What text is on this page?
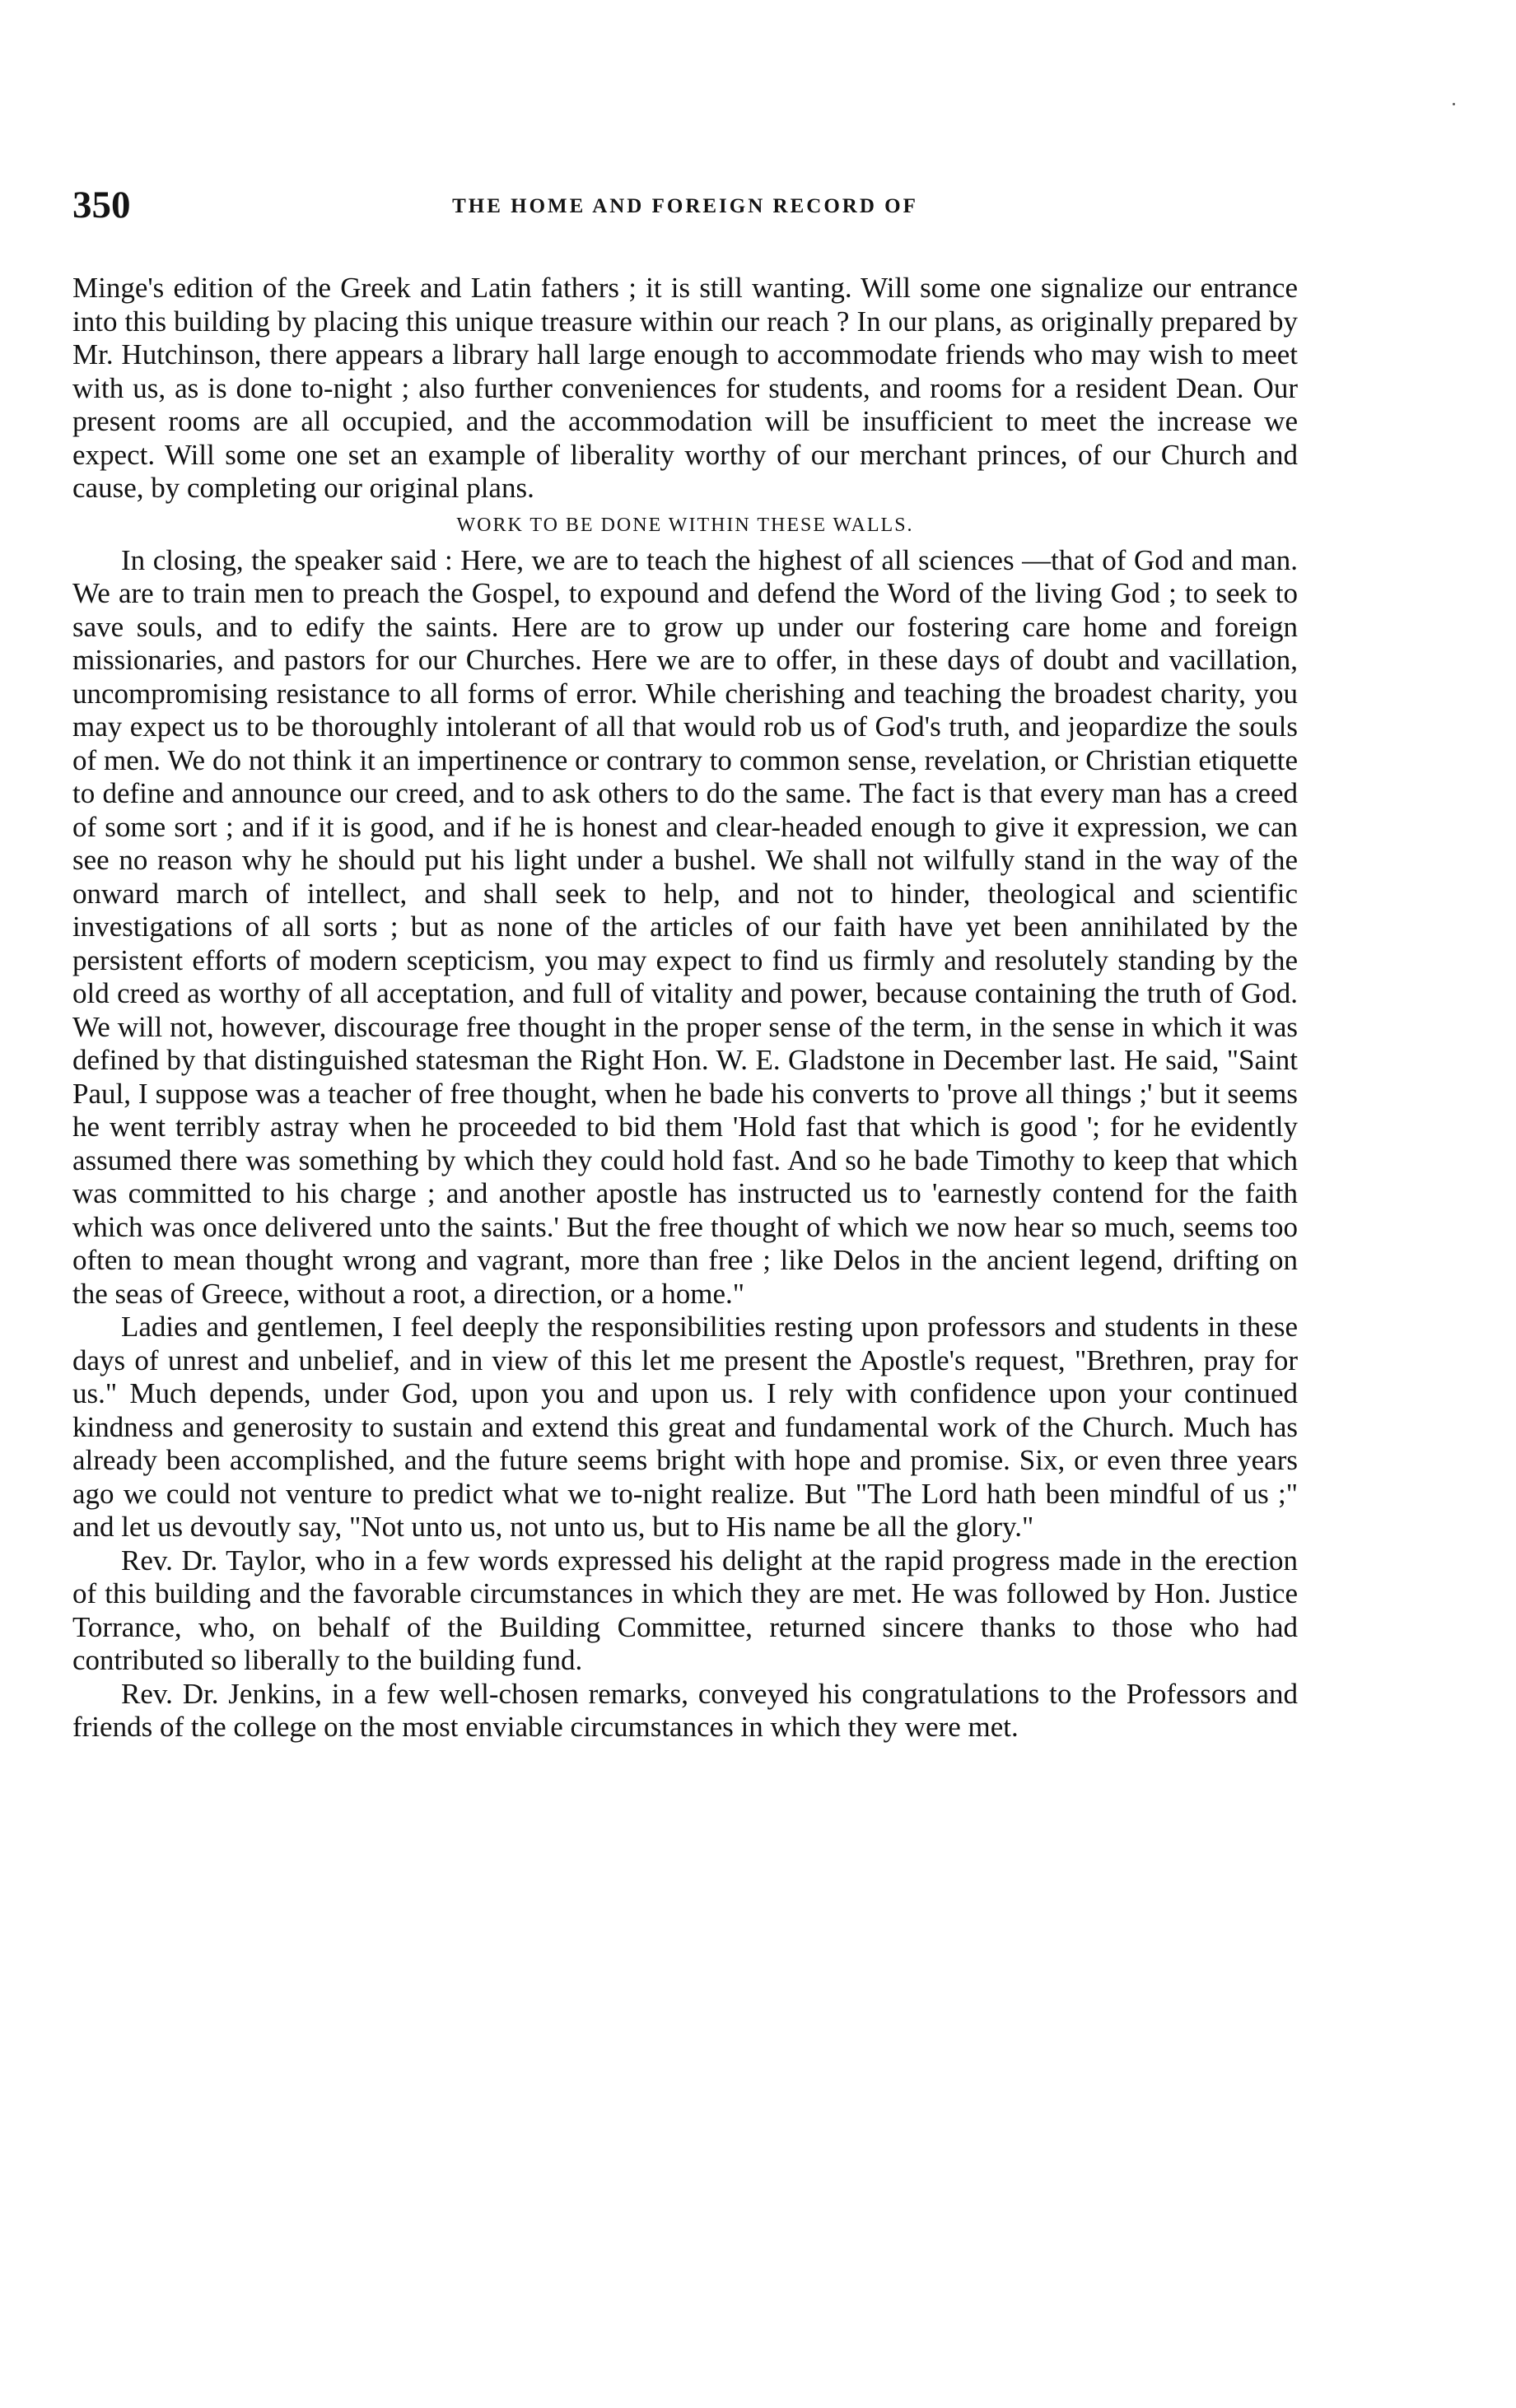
350	THE HOME AND FOREIGN RECORD OF

Minge's edition of the Greek and Latin fathers ; it is still wanting. Will some one signalize our entrance into this building by placing this unique treasure within our reach ? In our plans, as originally prepared by Mr. Hutchinson, there appears a library hall large enough to accommodate friends who may wish to meet with us, as is done to-night ; also further conveniences for students, and rooms for a resident Dean. Our present rooms are all occupied, and the accommodation will be insufficient to meet the increase we expect. Will some one set an example of liberality worthy of our merchant princes, of our Church and cause, by completing our original plans.

WORK TO BE DONE WITHIN THESE WALLS.

In closing, the speaker said : Here, we are to teach the highest of all sciences —that of God and man. We are to train men to preach the Gospel, to expound and defend the Word of the living God ; to seek to save souls, and to edify the saints. Here are to grow up under our fostering care home and foreign missionaries, and pastors for our Churches. Here we are to offer, in these days of doubt and vacillation, uncompromising resistance to all forms of error. While cherishing and teaching the broadest charity, you may expect us to be thoroughly intolerant of all that would rob us of God's truth, and jeopardize the souls of men. We do not think it an impertinence or contrary to common sense, revelation, or Christian etiquette to define and announce our creed, and to ask others to do the same. The fact is that every man has a creed of some sort ; and if it is good, and if he is honest and clear-headed enough to give it expression, we can see no reason why he should put his light under a bushel. We shall not wilfully stand in the way of the onward march of intellect, and shall seek to help, and not to hinder, theological and scientific investigations of all sorts ; but as none of the articles of our faith have yet been annihilated by the persistent efforts of modern scepticism, you may expect to find us firmly and resolutely standing by the old creed as worthy of all acceptation, and full of vitality and power, because containing the truth of God. We will not, however, discourage free thought in the proper sense of the term, in the sense in which it was defined by that distinguished statesman the Right Hon. W. E. Gladstone in December last. He said, "Saint Paul, I suppose was a teacher of free thought, when he bade his converts to 'prove all things ;' but it seems he went terribly astray when he proceeded to bid them 'Hold fast that which is good '; for he evidently assumed there was something by which they could hold fast. And so he bade Timothy to keep that which was committed to his charge ; and another apostle has instructed us to 'earnestly contend for the faith which was once delivered unto the saints.' But the free thought of which we now hear so much, seems too often to mean thought wrong and vagrant, more than free ; like Delos in the ancient legend, drifting on the seas of Greece, without a root, a direction, or a home."

Ladies and gentlemen, I feel deeply the responsibilities resting upon professors and students in these days of unrest and unbelief, and in view of this let me present the Apostle's request, "Brethren, pray for us." Much depends, under God, upon you and upon us. I rely with confidence upon your continued kindness and generosity to sustain and extend this great and fundamental work of the Church. Much has already been accomplished, and the future seems bright with hope and promise. Six, or even three years ago we could not venture to predict what we to-night realize. But "The Lord hath been mindful of us ;" and let us devoutly say, "Not unto us, not unto us, but to His name be all the glory."

Rev. Dr. Taylor, who in a few words expressed his delight at the rapid progress made in the erection of this building and the favorable circumstances in which they are met. He was followed by Hon. Justice Torrance, who, on behalf of the Building Committee, returned sincere thanks to those who had contributed so liberally to the building fund.

Rev. Dr. Jenkins, in a few well-chosen remarks, conveyed his congratulations to the Professors and friends of the college on the most enviable circumstances in which they were met.
